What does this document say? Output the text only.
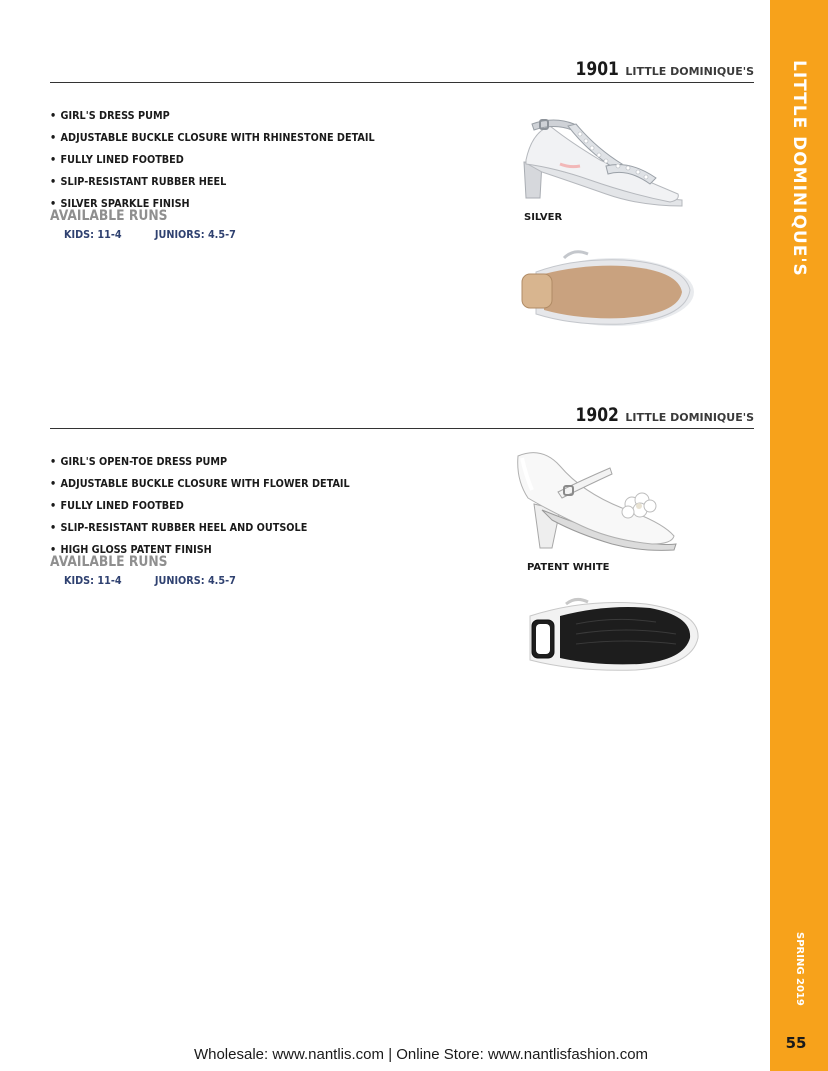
LITTLE DOMINIQUE'S
SPRING 2019
55
1901 LITTLE DOMINIQUE'S
• GIRL'S DRESS PUMP
• ADJUSTABLE BUCKLE CLOSURE WITH RHINESTONE DETAIL
• FULLY LINED FOOTBED
• SLIP-RESISTANT RUBBER HEEL
• SILVER SPARKLE FINISH
AVAILABLE RUNS
KIDS: 11-4	JUNIORS: 4.5-7
SILVER
1902 LITTLE DOMINIQUE'S
• GIRL'S OPEN-TOE DRESS PUMP
• ADJUSTABLE BUCKLE CLOSURE WITH FLOWER DETAIL
• FULLY LINED FOOTBED
• SLIP-RESISTANT RUBBER HEEL AND OUTSOLE
• HIGH GLOSS PATENT FINISH
AVAILABLE RUNS
KIDS: 11-4	JUNIORS: 4.5-7
PATENT WHITE
Wholesale: www.nantlis.com | Online Store: www.nantlisfashion.com
